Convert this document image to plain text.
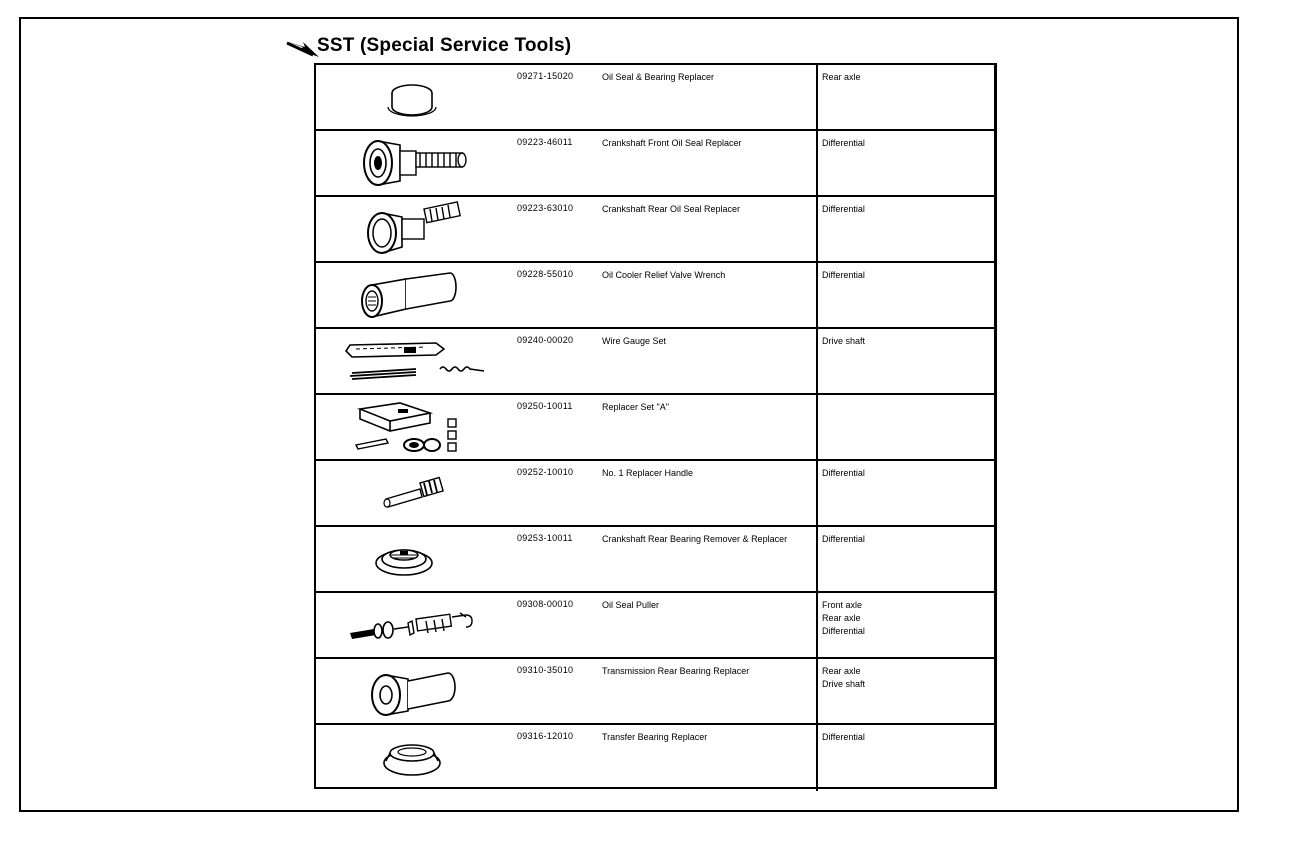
SST (Special Service Tools)
09271-15020	Oil Seal & Bearing Replacer	Rear axle
09223-46011	Crankshaft Front Oil Seal Replacer	Differential
09223-63010	Crankshaft Rear Oil Seal Replacer	Differential
09228-55010	Oil Cooler Relief Valve Wrench	Differential
09240-00020	Wire Gauge Set	Drive shaft
09250-10011	Replacer Set "A"
09252-10010	No. 1 Replacer Handle	Differential
09253-10011	Crankshaft Rear Bearing Remover & Replacer	Differential
09308-00010	Oil Seal Puller	Front axle
Rear axle
Differential
09310-35010	Transmission Rear Bearing Replacer	Rear axle
Drive shaft
09316-12010	Transfer Bearing Replacer	Differential
